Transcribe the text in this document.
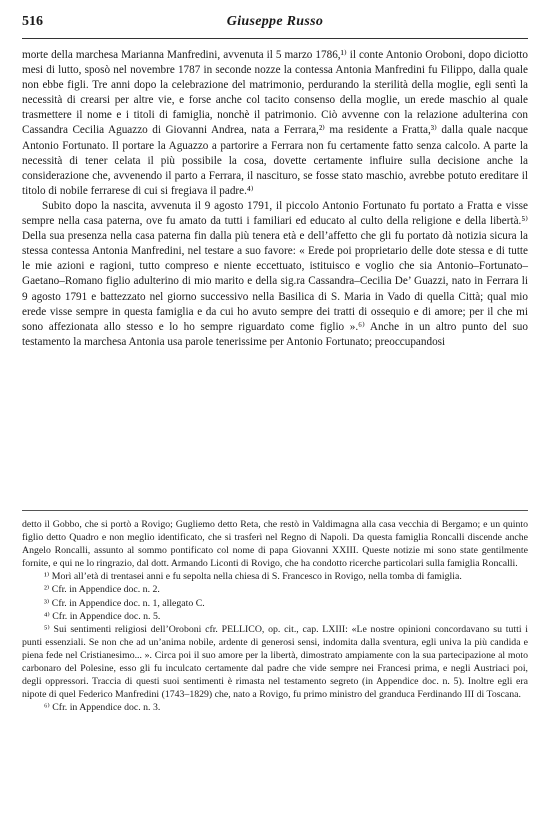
516	Giuseppe Russo

morte della marchesa Marianna Manfredini, avvenuta il 5 marzo 1786,¹⁾ il conte Antonio Oroboni, dopo diciotto mesi di lutto, sposò nel novembre 1787 in seconde nozze la contessa Antonia Manfredini fu Filippo, dalla quale non ebbe figli. Tre anni dopo la celebrazione del matrimonio, perdurando la sterilità della moglie, egli sentì la necessità di crearsi per altre vie, e forse anche col tacito consenso della moglie, un erede maschio al quale trasmettere il nome e i titoli di famiglia, nonchè il patrimonio. Ciò avvenne con la relazione adulterina con Cassandra Cecilia Aguazzo di Giovanni Andrea, nata a Ferrara,²⁾ ma residente a Fratta,³⁾ dalla quale nacque Antonio Fortunato. Il portare la Aguazzo a partorire a Ferrara non fu certamente fatto senza calcolo. A parte la necessità di tener celata il più possibile la cosa, dovette certamente influire sulla decisione anche la considerazione che, avvenendo il parto a Ferrara, il nascituro, se fosse stato maschio, avrebbe potuto ereditare il titolo di nobile ferrarese di cui si fregiava il padre.⁴⁾

Subito dopo la nascita, avvenuta il 9 agosto 1791, il piccolo Antonio Fortunato fu portato a Fratta e visse sempre nella casa paterna, ove fu amato da tutti i familiari ed educato al culto della religione e della libertà.⁵⁾ Della sua presenza nella casa paterna fin dalla più tenera età e dell’affetto che gli fu portato dà notizia sicura la stessa contessa Antonia Manfredini, nel testare a suo favore: « Erede poi proprietario delle dote stessa e di tutte le mie azioni e ragioni, tutto compreso e niente eccettuato, istituisco e voglio che sia Antonio–Fortunato–Gaetano–Romano figlio adulterino di mio marito e della sig.ra Cassandra–Cecilia De’ Guazzi, nato in Ferrara li 9 agosto 1791 e battezzato nel giorno successivo nella Basilica di S. Maria in Vado di quella Città; qual mio erede visse sempre in questa famiglia e da cui ho avuto sempre dei tratti di ossequio e di amore; per il che mi sono affezionata allo stesso e lo ho sempre riguardato come figlio ».⁶⁾ Anche in un altro punto del suo testamento la marchesa Antonia usa parole tenerissime per Antonio Fortunato; preoccupandosi

detto il Gobbo, che si portò a Rovigo; Gugliemo detto Reta, che restò in Valdimagna alla casa vecchia di Bergamo; e un quinto figlio detto Quadro e non meglio identificato, che si trasferì nel Regno di Napoli. Da questa famiglia Roncalli discende anche Angelo Roncalli, assunto al sommo pontificato col nome di papa Giovanni XXIII. Queste notizie mi sono state gentilmente fornite, e qui ne lo ringrazio, dal dott. Armando Liconti di Rovigo, che ha condotto ricerche particolari sulla famiglia Roncalli.

¹⁾ Morì all’età di trentasei anni e fu sepolta nella chiesa di S. Francesco in Rovigo, nella tomba di famiglia.

²⁾ Cfr. in Appendice doc. n. 2.

³⁾ Cfr. in Appendice doc. n. 1, allegato C.

⁴⁾ Cfr. in Appendice doc. n. 5.

⁵⁾ Sui sentimenti religiosi dell’Oroboni cfr. PELLICO, op. cit., cap. LXIII: «Le nostre opinioni concordavano su tutti i punti essenziali. Se non che ad un’anima nobile, ardente di generosi sensi, indomita dalla sventura, egli univa la più candida e piena fede nel Cristianesimo... ». Circa poi il suo amore per la libertà, dimostrato ampiamente con la sua partecipazione al moto carbonaro del Polesine, esso gli fu inculcato certamente dal padre che vide sempre nei Francesi prima, e negli Austriaci poi, degli oppressori. Traccia di questi suoi sentimenti è rimasta nel testamento segreto (in Appendice doc. n. 5). Inoltre egli era nipote di quel Federico Manfredini (1743–1829) che, nato a Rovigo, fu primo ministro del granduca Ferdinando III di Toscana.

⁶⁾ Cfr. in Appendice doc. n. 3.
